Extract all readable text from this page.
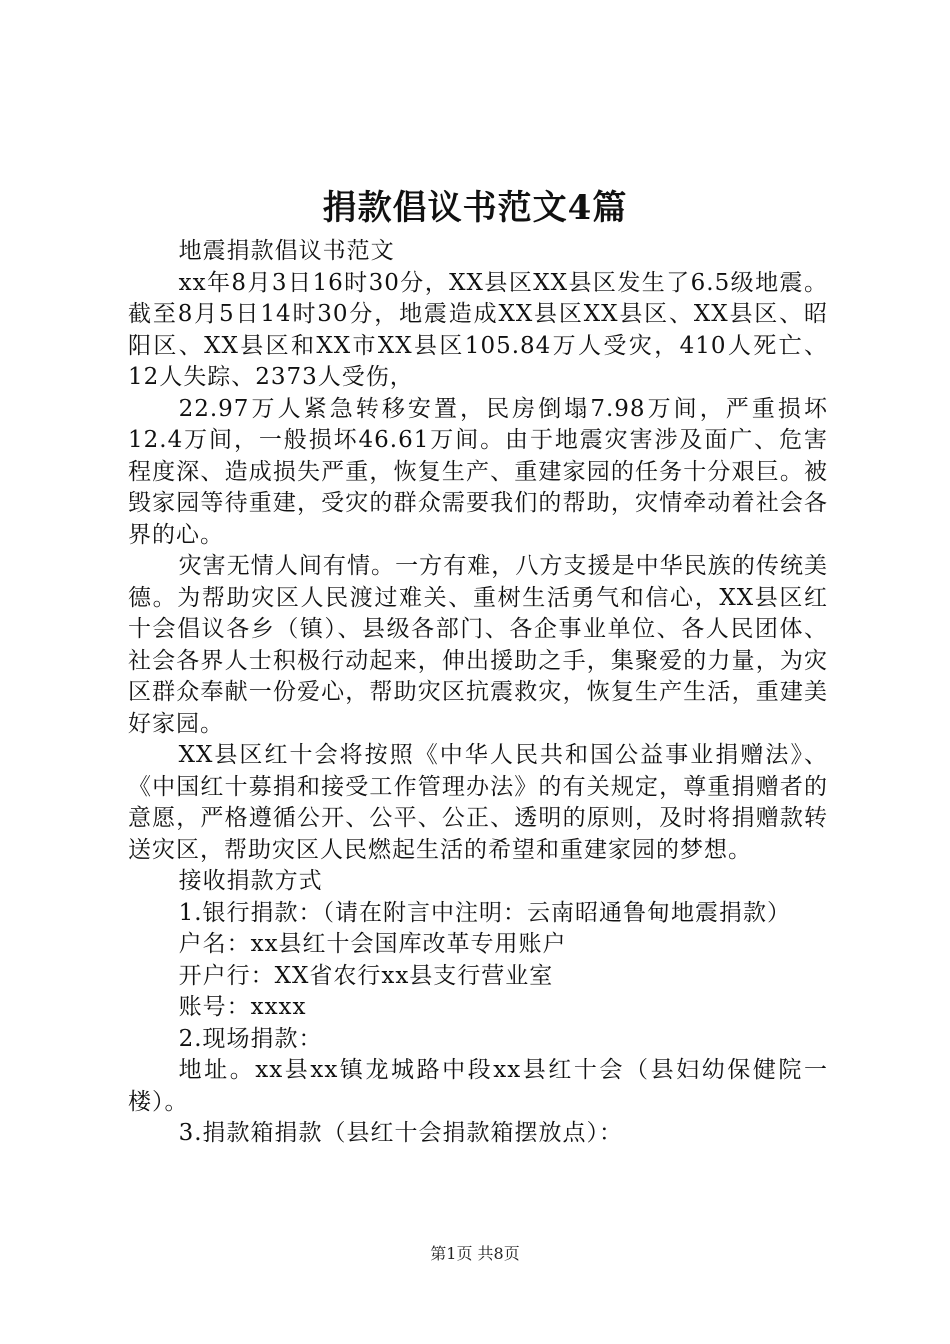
捐款倡议书范文4篇

地震捐款倡议书范文

xx年8月3日16时30分，XX县区XX县区发生了6.5级地震。截至8月5日14时30分，地震造成XX县区XX县区、XX县区、昭阳区、XX县区和XX市XX县区105.84万人受灾，410人死亡、12人失踪、2373人受伤，

22.97万人紧急转移安置，民房倒塌7.98万间，严重损坏12.4万间，一般损坏46.61万间。由于地震灾害涉及面广、危害程度深、造成损失严重，恢复生产、重建家园的任务十分艰巨。被毁家园等待重建，受灾的群众需要我们的帮助，灾情牵动着社会各界的心。

灾害无情人间有情。一方有难，八方支援是中华民族的传统美德。为帮助灾区人民渡过难关、重树生活勇气和信心，XX县区红十会倡议各乡（镇）、县级各部门、各企事业单位、各人民团体、社会各界人士积极行动起来，伸出援助之手，集聚爱的力量，为灾区群众奉献一份爱心，帮助灾区抗震救灾，恢复生产生活，重建美好家园。

XX县区红十会将按照《中华人民共和国公益事业捐赠法》、《中国红十募捐和接受工作管理办法》的有关规定，尊重捐赠者的意愿，严格遵循公开、公平、公正、透明的原则，及时将捐赠款转送灾区，帮助灾区人民燃起生活的希望和重建家园的梦想。

接收捐款方式

1.银行捐款：（请在附言中注明：云南昭通鲁甸地震捐款）

户名：xx县红十会国库改革专用账户

开户行：XX省农行xx县支行营业室

账号：xxxx

2.现场捐款：

地址。xx县xx镇龙城路中段xx县红十会（县妇幼保健院一楼）。

3.捐款箱捐款（县红十会捐款箱摆放点）：

第1页 共8页
